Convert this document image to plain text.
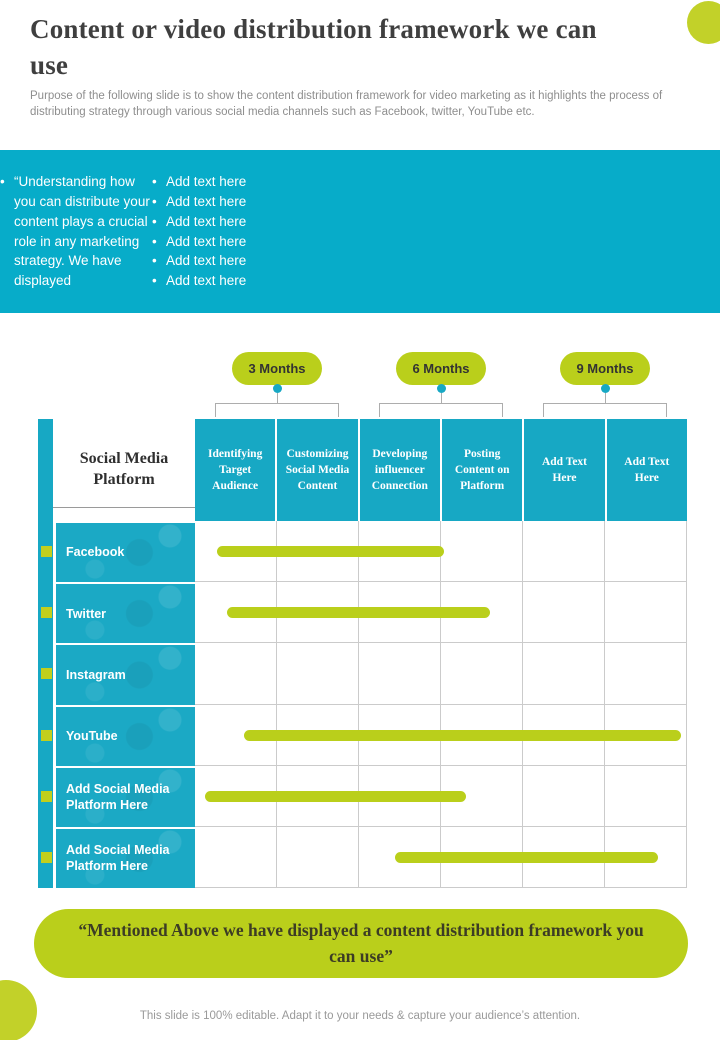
Content or video distribution framework we can use

Purpose of the following slide is to show the content distribution framework for video marketing as it highlights the process of distributing strategy through various social media channels such as Facebook, twitter, YouTube etc.

• “Understanding how you can distribute your content plays a crucial role in any marketing strategy. We have displayed
• Add text here
• Add text here
• Add text here
• Add text here
• Add text here
• Add text here
3 Months	6 Months	9 Months
Social Media Platform
Identifying Target Audience
Customizing Social Media Content
Developing influencer Connection
Posting Content on Platform
Add Text Here
Add Text Here
Facebook
Twitter
Instagram
YouTube
Add Social Media Platform Here
Add Social Media Platform Here
“Mentioned Above we have displayed a content distribution framework you can use”

This slide is 100% editable. Adapt it to your needs & capture your audience’s attention.
